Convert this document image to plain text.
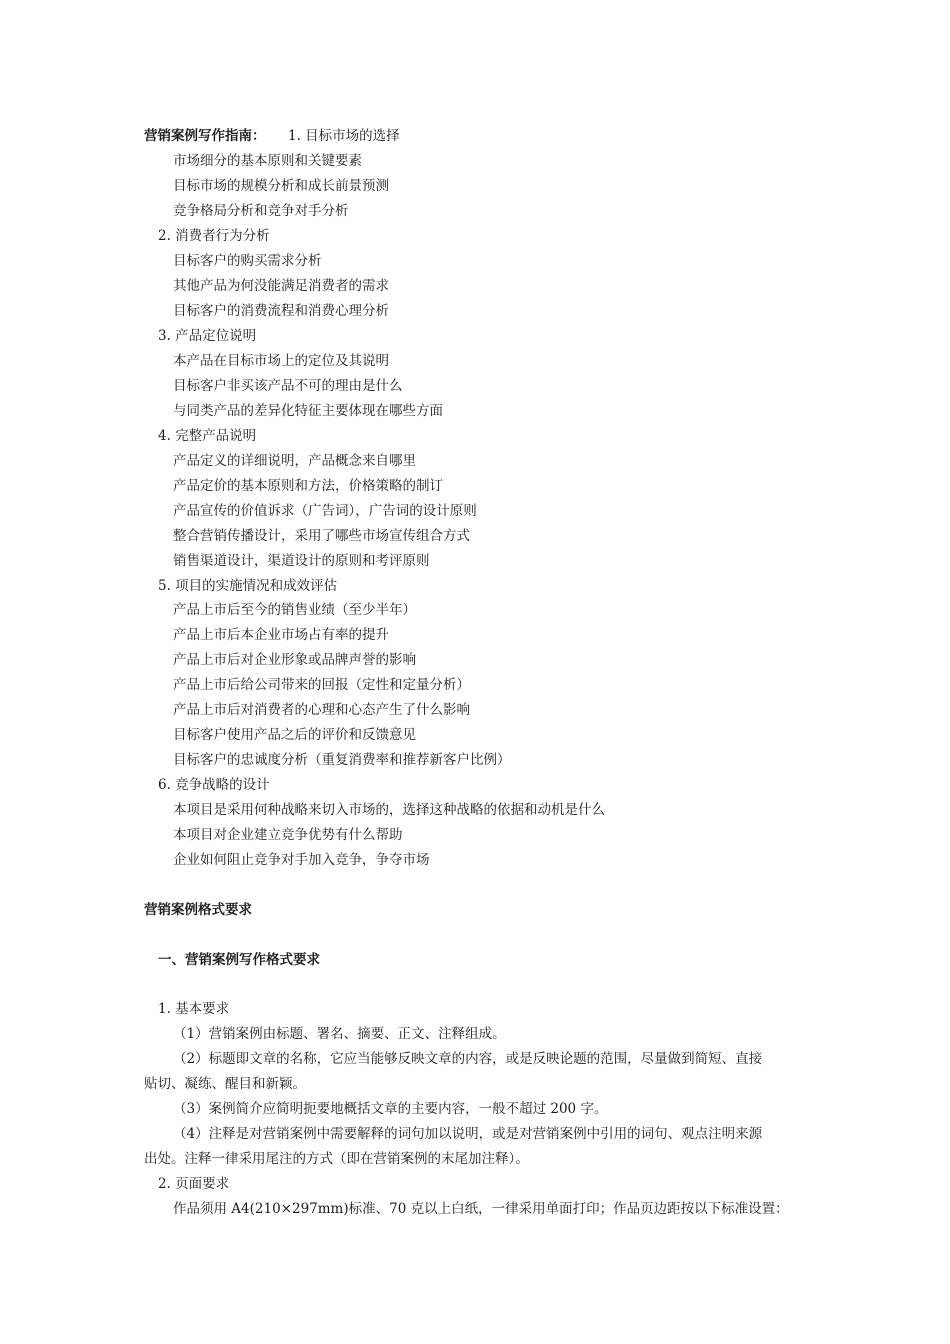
营销案例写作指南： 1. 目标市场的选择
市场细分的基本原则和关键要素
目标市场的规模分析和成长前景预测
竞争格局分析和竞争对手分析
2. 消费者行为分析
目标客户的购买需求分析
其他产品为何没能满足消费者的需求
目标客户的消费流程和消费心理分析
3. 产品定位说明
本产品在目标市场上的定位及其说明
目标客户非买该产品不可的理由是什么
与同类产品的差异化特征主要体现在哪些方面
4. 完整产品说明
产品定义的详细说明，产品概念来自哪里
产品定价的基本原则和方法，价格策略的制订
产品宣传的价值诉求（广告词），广告词的设计原则
整合营销传播设计，采用了哪些市场宣传组合方式
销售渠道设计，渠道设计的原则和考评原则
5. 项目的实施情况和成效评估
产品上市后至今的销售业绩（至少半年）
产品上市后本企业市场占有率的提升
产品上市后对企业形象或品牌声誉的影响
产品上市后给公司带来的回报（定性和定量分析）
产品上市后对消费者的心理和心态产生了什么影响
目标客户使用产品之后的评价和反馈意见
目标客户的忠诚度分析（重复消费率和推荐新客户比例）
6. 竞争战略的设计
本项目是采用何种战略来切入市场的，选择这种战略的依据和动机是什么
本项目对企业建立竞争优势有什么帮助
企业如何阻止竞争对手加入竞争，争夺市场
营销案例格式要求
一、营销案例写作格式要求
1. 基本要求
（1）营销案例由标题、署名、摘要、正文、注释组成。
（2）标题即文章的名称，它应当能够反映文章的内容，或是反映论题的范围，尽量做到简短、直接
贴切、凝练、醒目和新颖。
（3）案例简介应简明扼要地概括文章的主要内容，一般不超过 200 字。
（4）注释是对营销案例中需要解释的词句加以说明，或是对营销案例中引用的词句、观点注明来源
出处。注释一律采用尾注的方式（即在营销案例的末尾加注释）。
2. 页面要求
作品须用 A4(210×297mm)标准、70 克以上白纸，一律采用单面打印；作品页边距按以下标准设置：
